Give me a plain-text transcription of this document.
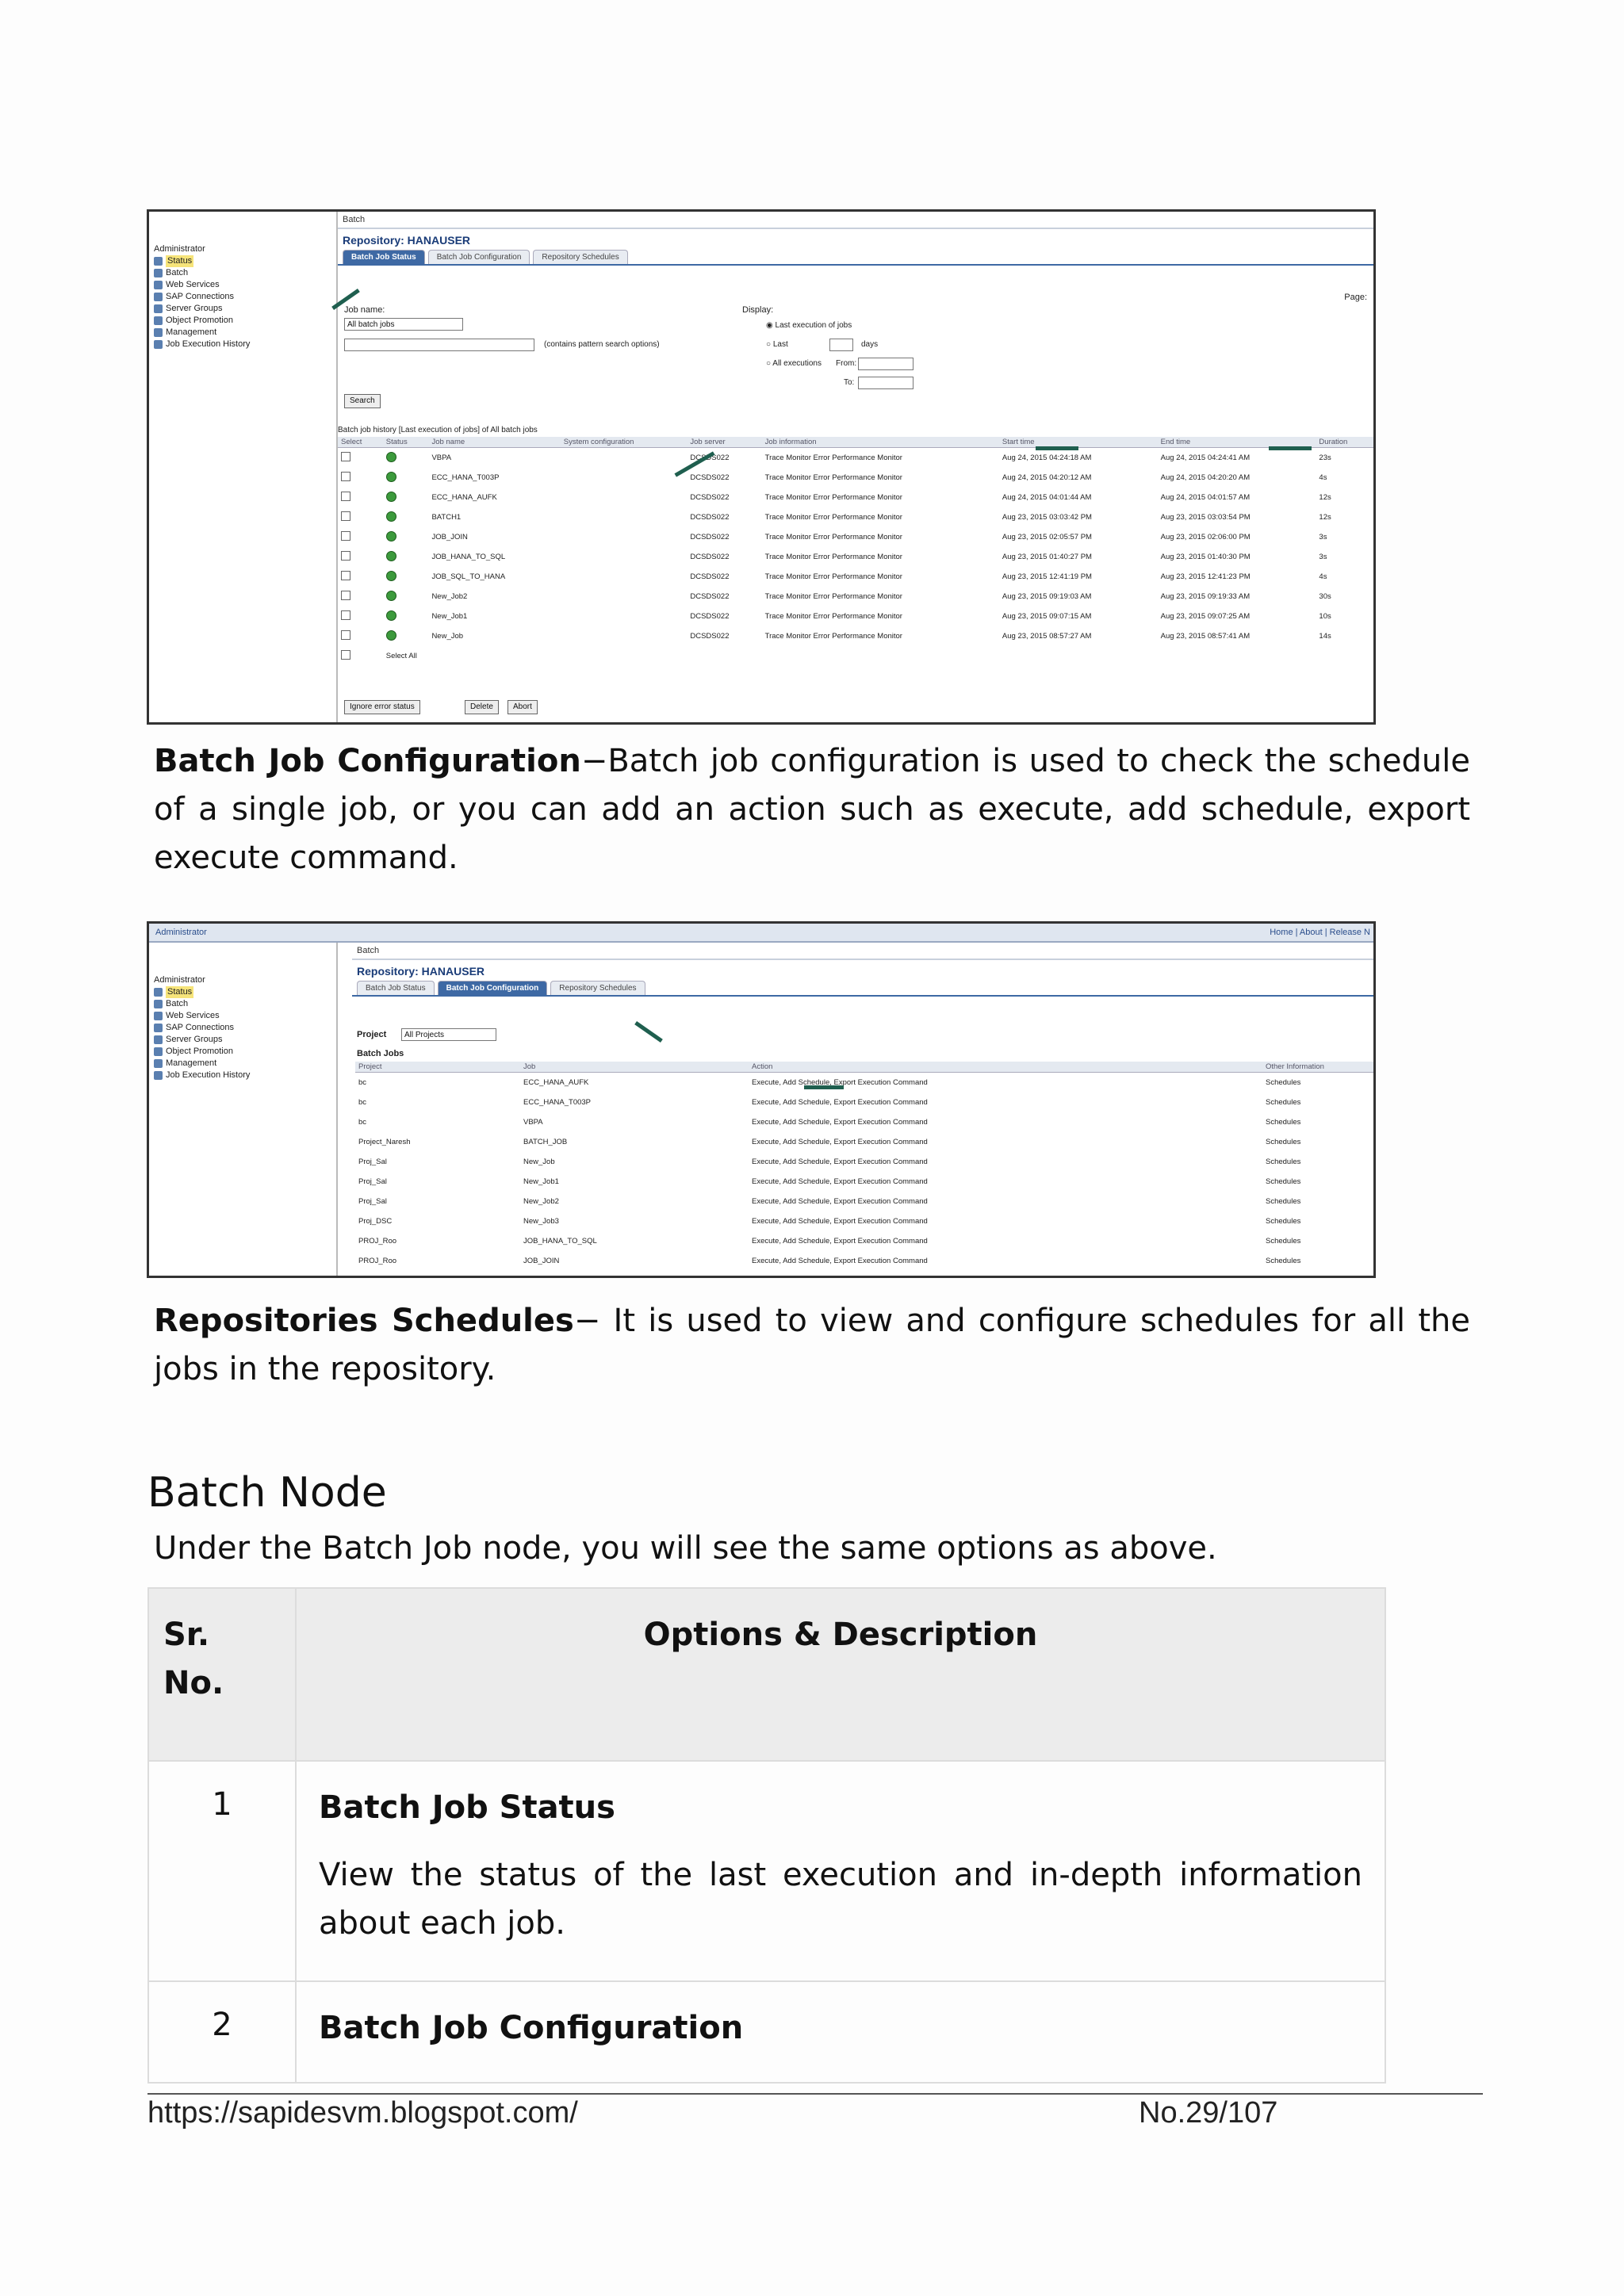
Administrator
Status
Batch
Web Services
SAP Connections
Server Groups
Object Promotion
Management
Job Execution History
Batch
Repository: HANAUSER
Batch Job Status	Batch Job Configuration	Repository Schedules
Page:
Job name:
All batch jobs
(contains pattern search options)
Display:
◉ Last execution of jobs
○ Last	days
○ All executions From:
To:
Search
Batch job history [Last execution of jobs] of All batch jobs
Select	Status	Job name	System configuration	Job server	Job information	Start time	End time	Duration
		VBPA		DCSDS022	Trace Monitor Error Performance Monitor	Aug 24, 2015 04:24:18 AM	Aug 24, 2015 04:24:41 AM	23s
		ECC_HANA_T003P		DCSDS022	Trace Monitor Error Performance Monitor	Aug 24, 2015 04:20:12 AM	Aug 24, 2015 04:20:20 AM	4s
		ECC_HANA_AUFK		DCSDS022	Trace Monitor Error Performance Monitor	Aug 24, 2015 04:01:44 AM	Aug 24, 2015 04:01:57 AM	12s
		BATCH1		DCSDS022	Trace Monitor Error Performance Monitor	Aug 23, 2015 03:03:42 PM	Aug 23, 2015 03:03:54 PM	12s
		JOB_JOIN		DCSDS022	Trace Monitor Error Performance Monitor	Aug 23, 2015 02:05:57 PM	Aug 23, 2015 02:06:00 PM	3s
		JOB_HANA_TO_SQL		DCSDS022	Trace Monitor Error Performance Monitor	Aug 23, 2015 01:40:27 PM	Aug 23, 2015 01:40:30 PM	3s
		JOB_SQL_TO_HANA		DCSDS022	Trace Monitor Error Performance Monitor	Aug 23, 2015 12:41:19 PM	Aug 23, 2015 12:41:23 PM	4s
		New_Job2		DCSDS022	Trace Monitor Error Performance Monitor	Aug 23, 2015 09:19:03 AM	Aug 23, 2015 09:19:33 AM	30s
		New_Job1		DCSDS022	Trace Monitor Error Performance Monitor	Aug 23, 2015 09:07:15 AM	Aug 23, 2015 09:07:25 AM	10s
		New_Job		DCSDS022	Trace Monitor Error Performance Monitor	Aug 23, 2015 08:57:27 AM	Aug 23, 2015 08:57:41 AM	14s
	Select All							
Ignore error status	Delete	Abort

Batch Job Configuration−Batch job configuration is used to check the schedule of a single job, or you can add an action such as execute, add schedule, export execute command.

Administrator	Home | About | Release N
Administrator
Status
Batch
Web Services
SAP Connections
Server Groups
Object Promotion
Management
Job Execution History
Batch
Repository: HANAUSER
Batch Job Status	Batch Job Configuration	Repository Schedules
Project	All Projects
Batch Jobs
Project	Job	Action	Other Information
bc	ECC_HANA_AUFK	Execute, Add Schedule, Export Execution Command	Schedules
bc	ECC_HANA_T003P	Execute, Add Schedule, Export Execution Command	Schedules
bc	VBPA	Execute, Add Schedule, Export Execution Command	Schedules
Project_Naresh	BATCH_JOB	Execute, Add Schedule, Export Execution Command	Schedules
Proj_Sal	New_Job	Execute, Add Schedule, Export Execution Command	Schedules
Proj_Sal	New_Job1	Execute, Add Schedule, Export Execution Command	Schedules
Proj_Sal	New_Job2	Execute, Add Schedule, Export Execution Command	Schedules
Proj_DSC	New_Job3	Execute, Add Schedule, Export Execution Command	Schedules
PROJ_Roo	JOB_HANA_TO_SQL	Execute, Add Schedule, Export Execution Command	Schedules
PROJ_Roo	JOB_JOIN	Execute, Add Schedule, Export Execution Command	Schedules

Repositories Schedules− It is used to view and configure schedules for all the jobs in the repository.

Batch Node

Under the Batch Job node, you will see the same options as above.

Sr. No.	Options & Description
1	Batch Job Status
View the status of the last execution and in-depth information about each job.

2	Batch Job Configuration
https://sapidesvm.blogspot.com/	No.29/107
